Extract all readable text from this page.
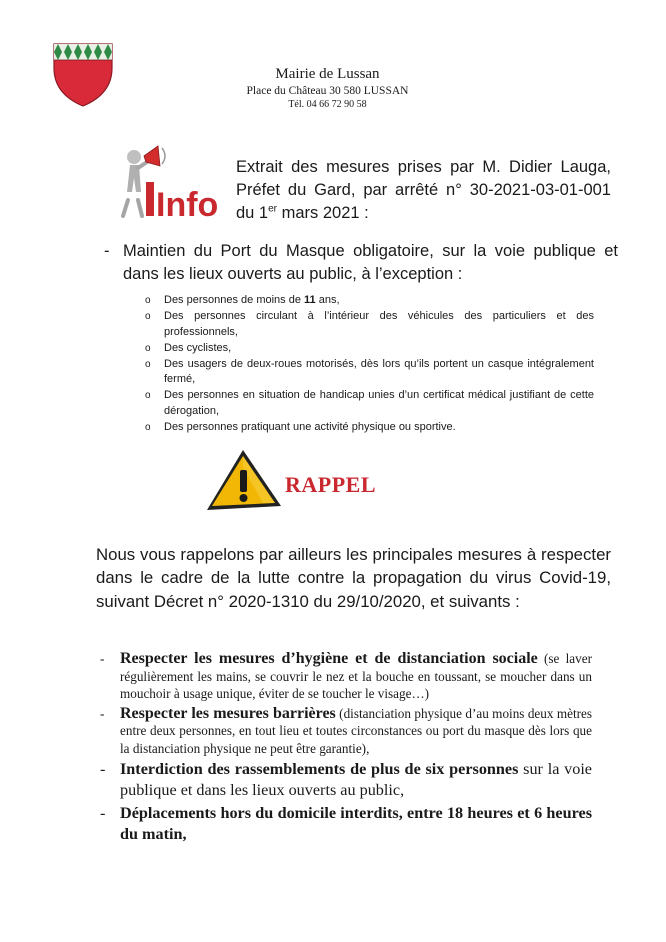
Mairie de Lussan
Place du Château 30 580 LUSSAN
Tél. 04 66 72 90 58
Info
Extrait des mesures prises par M. Didier Lauga, Préfet du Gard, par arrêté n° 30-2021-03-01-001 du 1er mars 2021 :
- Maintien du Port du Masque obligatoire, sur la voie publique et dans les lieux ouverts au public, à l’exception :
o Des personnes de moins de 11 ans,
o Des personnes circulant à l’intérieur des véhicules des particuliers et des professionnels,
o Des cyclistes,
o Des usagers de deux-roues motorisés, dès lors qu’ils portent un casque intégralement fermé,
o Des personnes en situation de handicap unies d’un certificat médical justifiant de cette dérogation,
o Des personnes pratiquant une activité physique ou sportive.
RAPPEL
Nous vous rappelons par ailleurs les principales mesures à respecter dans le cadre de la lutte contre la propagation du virus Covid-19, suivant Décret n° 2020-1310 du 29/10/2020, et suivants :
- Respecter les mesures d’hygiène et de distanciation sociale (se laver régulièrement les mains, se couvrir le nez et la bouche en toussant, se moucher dans un mouchoir à usage unique, éviter de se toucher le visage…)
- Respecter les mesures barrières (distanciation physique d’au moins deux mètres entre deux personnes, en tout lieu et toutes circonstances ou port du masque dès lors que la distanciation physique ne peut être garantie),
- Interdiction des rassemblements de plus de six personnes sur la voie publique et dans les lieux ouverts au public,
- Déplacements hors du domicile interdits, entre 18 heures et 6 heures du matin,
